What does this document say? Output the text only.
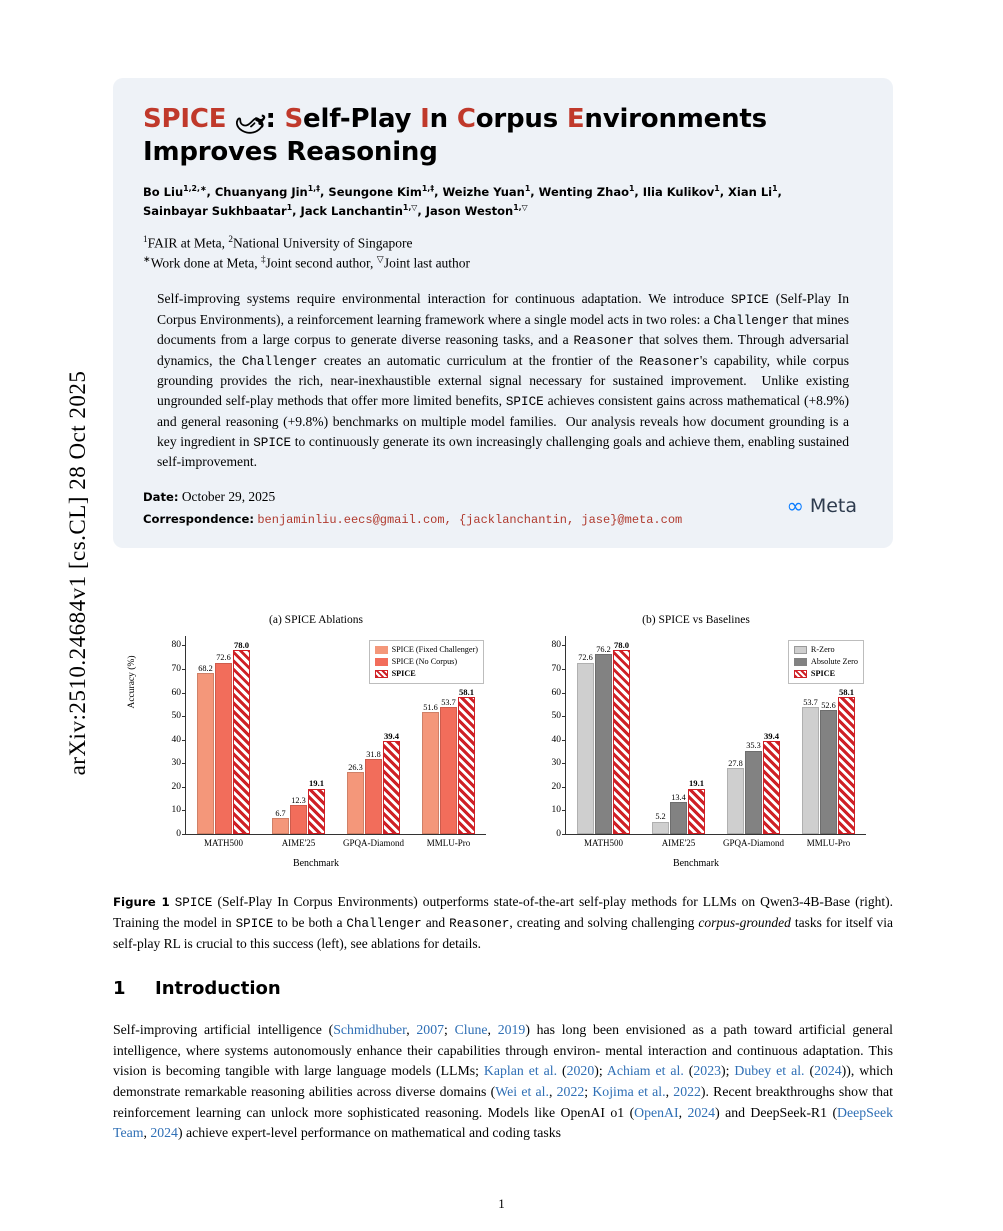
arXiv:2510.24684v1 [cs.CL] 28 Oct 2025
SPICE 🌶: Self-Play In Corpus Environments
Improves Reasoning
Bo Liu$^{1,2,∗}$, Chuanyang Jin$^{1,\ddagger}$, Seungone Kim$^{1,\ddagger}$, Weizhe Yuan$^1$, Wenting Zhao$^1$, Ilia Kulikov$^1$, Xian Li$^1$,
Sainbayar Sukhbaatar$^1$, Jack Lanchantin$^{1,▽}$, Jason Weston$^{1,▽}$
$^1$FAIR at Meta, $^2$National University of Singapore
∗Work done at Meta, ‡Joint second author, ▽Joint last author
Self-improving systems require environmental interaction for continuous adaptation. We introduce SPICE (Self-Play In Corpus Environments), a reinforcement learning framework where a single model acts in two roles: a Challenger that mines documents from a large corpus to generate diverse reasoning tasks, and a Reasoner that solves them. Through adversarial dynamics, the Challenger creates an automatic curriculum at the frontier of the Reasoner's capability, while corpus grounding provides the rich, near-inexhaustible external signal necessary for sustained improvement.  Unlike existing ungrounded self-play methods that offer more limited benefits, SPICE achieves consistent gains across mathematical (+8.9%) and general reasoning (+9.8%) benchmarks on multiple model families.  Our analysis reveals how document grounding is a key ingredient in SPICE to continuously generate its own increasingly challenging goals and achieve them, enabling sustained self-improvement.
Date: October 29, 2025
Correspondence: benjaminliu.eecs@gmail.com, {jacklanchantin, jase}@meta.com
∞ Meta
(a) SPICE Ablations
Accuracy (%)
SPICE (Fixed Challenger)
SPICE (No Corpus)
SPICE
0
10
20
30
40
50
60
70
80
68.2
72.6
78.0
MATH500
6.7
12.3
19.1
AIME'25
26.3
31.8
39.4
GPQA-Diamond
51.6
53.7
58.1
MMLU-Pro
Benchmark
(b) SPICE vs Baselines
R-Zero
Absolute Zero
SPICE
0
10
20
30
40
50
60
70
80
72.6
76.2 78.0
MATH500
5.2
13.4
19.1
AIME'25
27.8
35.3
39.4
GPQA-Diamond
53.7 52.6
58.1
MMLU-Pro
Benchmark
Figure 1 SPICE (Self-Play In Corpus Environments) outperforms state-of-the-art self-play methods for LLMs on Qwen3-4B-Base (right). Training the model in SPICE to be both a Challenger and Reasoner, creating and solving challenging corpus-grounded tasks for itself via self-play RL is crucial to this success (left), see ablations for details.
1 Introduction
Self-improving artificial intelligence (Schmidhuber, 2007; Clune, 2019) has long been envisioned as a path toward artificial general intelligence, where systems autonomously enhance their capabilities through environ- mental interaction and continuous adaptation. This vision is becoming tangible with large language models (LLMs; Kaplan et al. (2020); Achiam et al. (2023); Dubey et al. (2024)), which demonstrate remarkable reasoning abilities across diverse domains (Wei et al., 2022; Kojima et al., 2022). Recent breakthroughs show that reinforcement learning can unlock more sophisticated reasoning. Models like OpenAI o1 (OpenAI, 2024) and DeepSeek-R1 (DeepSeek Team, 2024) achieve expert-level performance on mathematical and coding tasks
1
